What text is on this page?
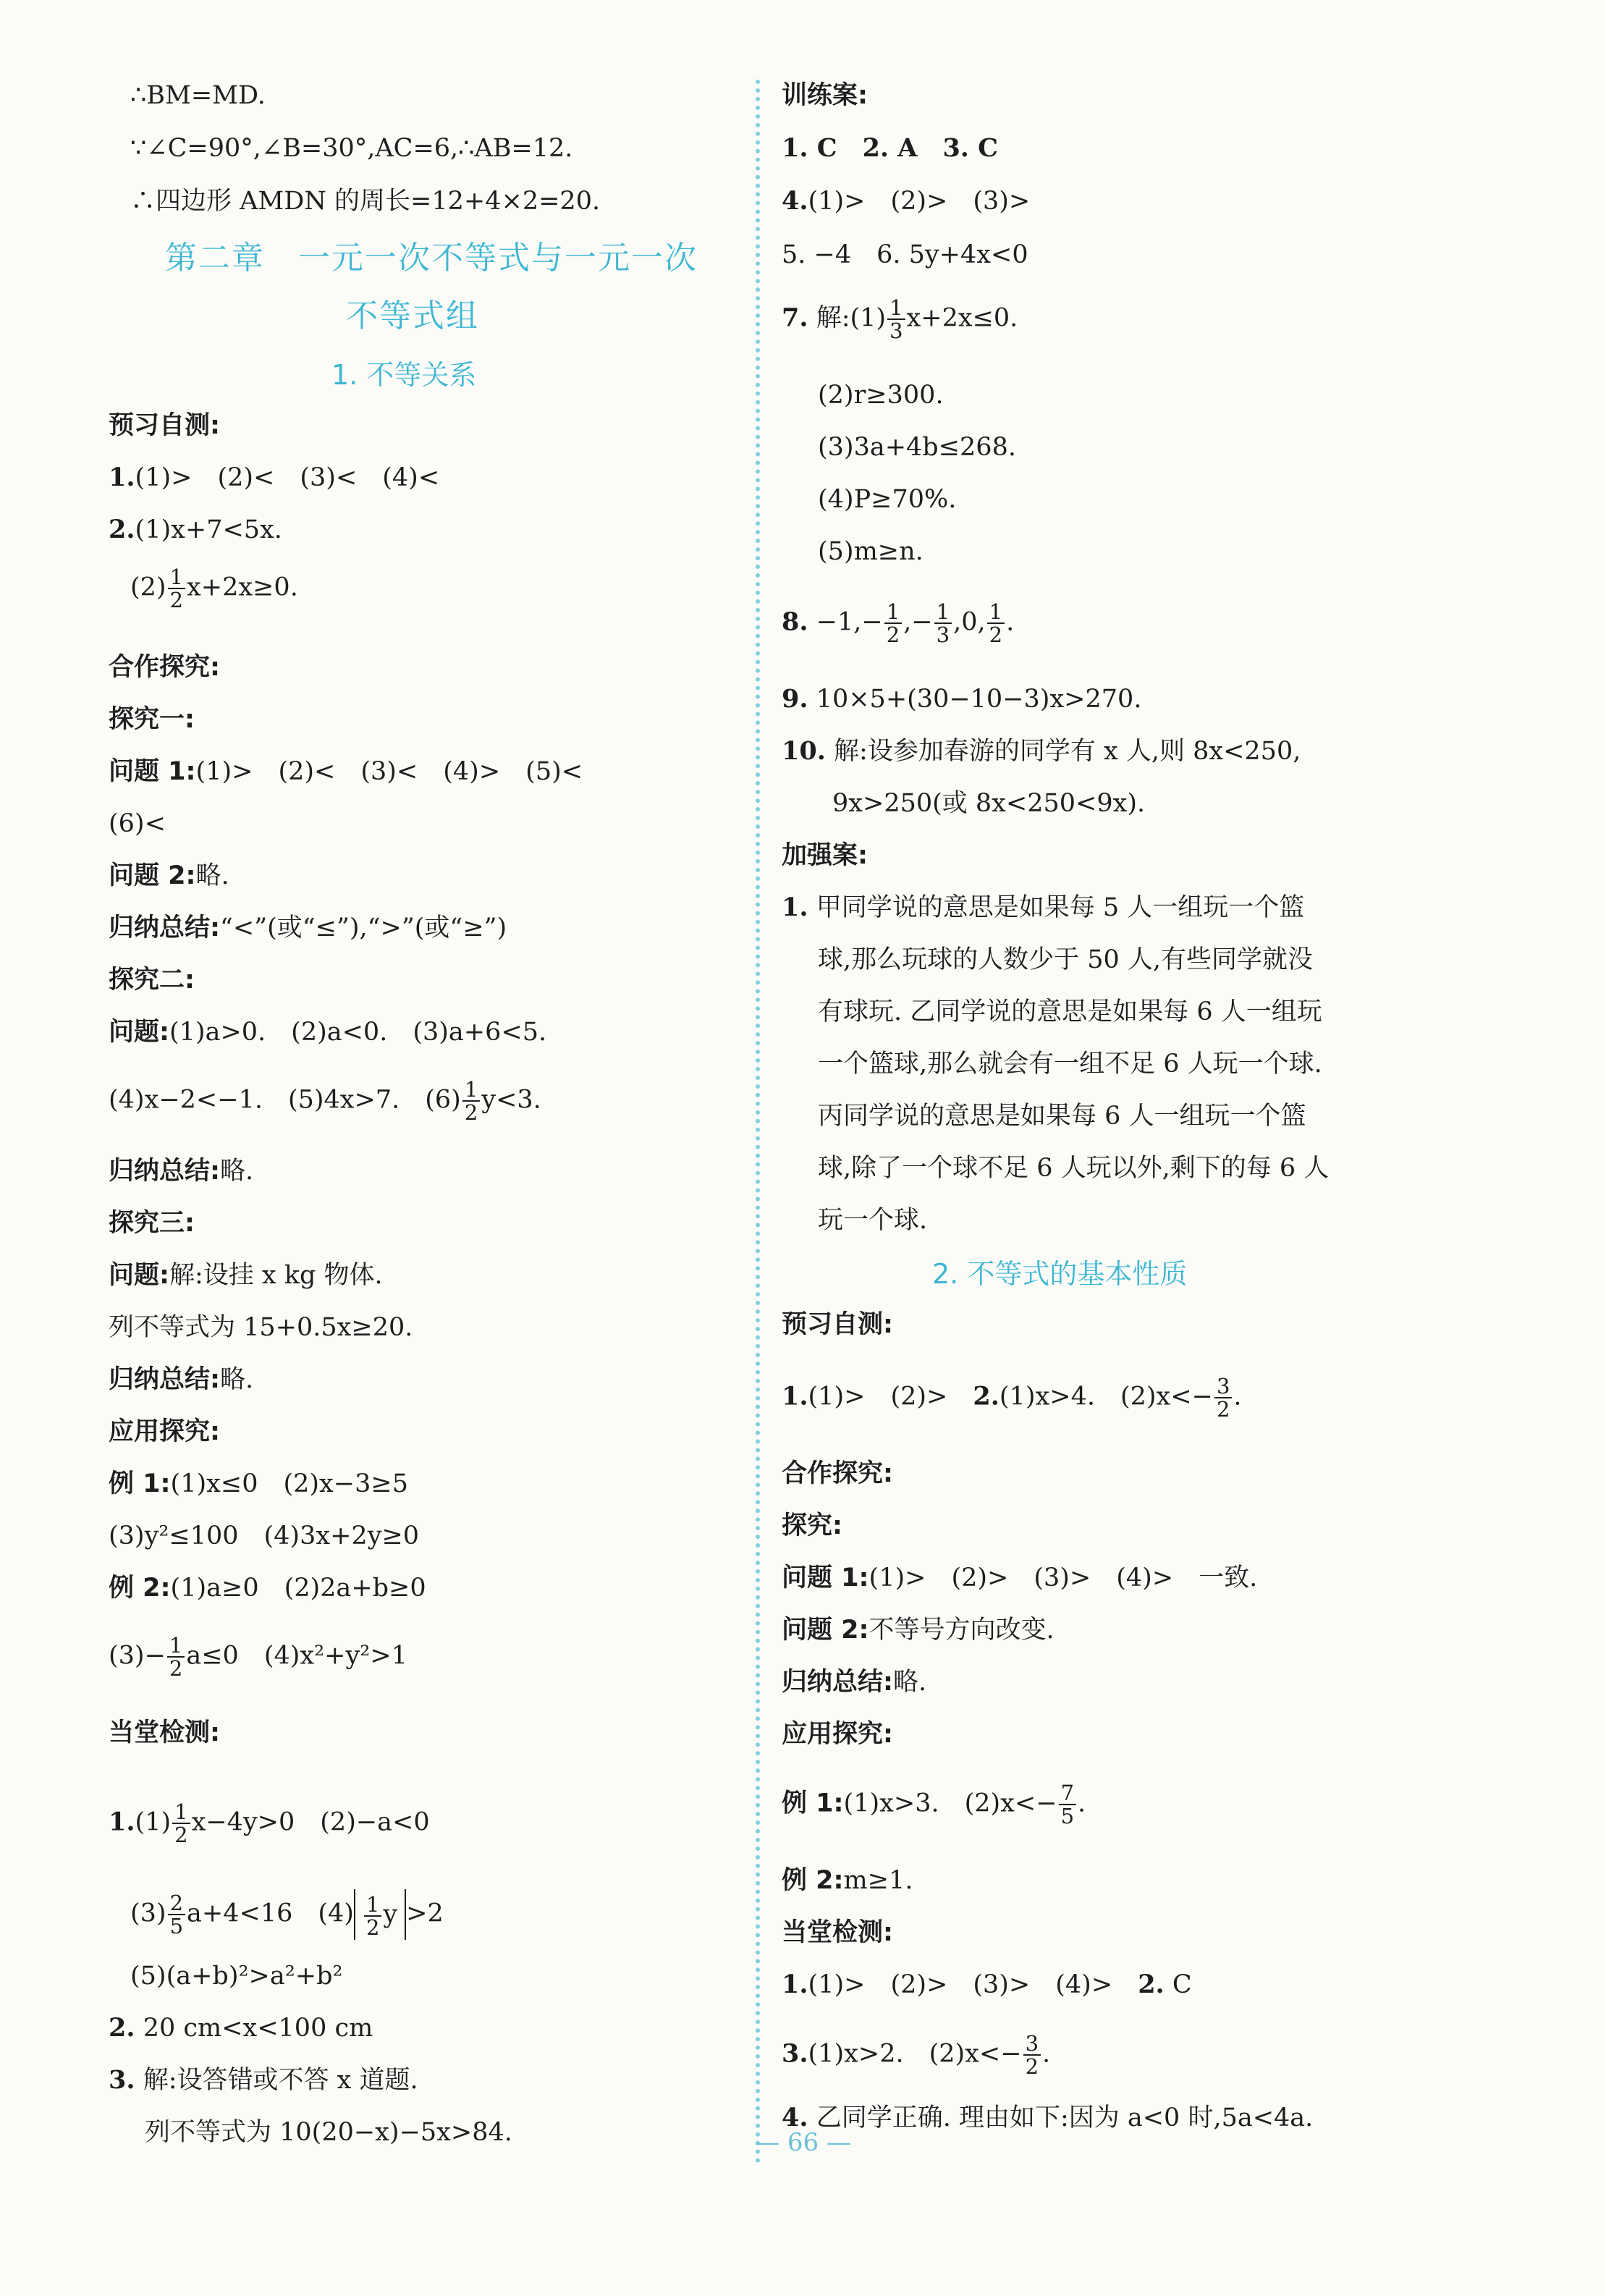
∴BM=MD.
∵∠C=90°,∠B=30°,AC=6,∴AB=12.
∴四边形 AMDN 的周长=12+4×2=20.
第二章　一元一次不等式与一元一次
不等式组
1. 不等关系
预习自测:
1.(1)>　(2)<　(3)<　(4)<
2.(1)x+7<5x.
$(2) \frac{1}{2} x+2x\ge 0$.
合作探究:
探究一:
问题 1:(1)>　(2)<　(3)<　(4)>　(5)<
(6)<
问题 2:略.
归纳总结:“<”(或“≤”),“>”(或“≥”)
探究二:
问题:(1)a>0.　(2)a<0.　(3)a+6<5.
(4)x−2<−1.　(5)4x>7.　$(6) \frac{1}{2} y<3$.
归纳总结:略.
探究三:
问题:解:设挂 x kg 物体.
列不等式为 15+0.5x≥20.
归纳总结:略.
应用探究:
例 1:(1)x≤0　(2)x−3≥5
(3)y²≤100　(4)3x+2y≥0
例 2:(1)a≥0　(2)2a+b≥0
$(3)- \frac{1}{2} a\le 0$　(4)x²+y²>1
当堂检测:
$1.(1) \frac{1}{2} x-4y>0$　(2)−a<0
$(3) \frac{2}{5} a+4<16$　$(4) \frac{1}{2}$ y >2
(5)(a+b)²>a²+b²
2. 20 cm<x<100 cm
3. 解:设答错或不答 x 道题.
列不等式为 10(20−x)−5x>84.
训练案:
1. C　2. A　3. C
4.(1)>　(2)>　(3)>
5. −4　6. 5y+4x<0
7. 解:(1) $\frac{1}{3} x+2x\le 0$.
(2)r≥300.
(3)3a+4b≤268.
(4)P≥70%.
(5)m≥n.
8. $-1,- \frac{1}{2}$ ,− $\frac{1}{3} ,0$, $\frac{1}{2}$ .
9. 10×5+(30−10−3)x>270.
10. 解:设参加春游的同学有 x 人,则 8x<250,
9x>250(或 8x<250<9x).
加强案:
1. 甲同学说的意思是如果每 5 人一组玩一个篮
球,那么玩球的人数少于 50 人,有些同学就没
有球玩. 乙同学说的意思是如果每 6 人一组玩
一个篮球,那么就会有一组不足 6 人玩一个球.
丙同学说的意思是如果每 6 人一组玩一个篮
球,除了一个球不足 6 人玩以外,剩下的每 6 人
玩一个球.
2. 不等式的基本性质
预习自测:
1.(1)>　(2)>　 2.(1)x>4.　$(2)x<- \frac{3}{2}$ .
合作探究:
探究:
问题 1:(1)>　(2)>　(3)>　(4)>　一致.
问题 2:不等号方向改变.
归纳总结:略.
应用探究:
例 1:(1)x>3.　$(2)x<- \frac{7}{5}$ .
例 2:m≥1.
当堂检测:
1.(1)>　(2)>　(3)>　(4)>　 2. C
3.(1)x>2.　$(2)x<- \frac{3}{2}$ .
4. 乙同学正确. 理由如下:因为 a<0 时,5a<4a.
— 66 —
